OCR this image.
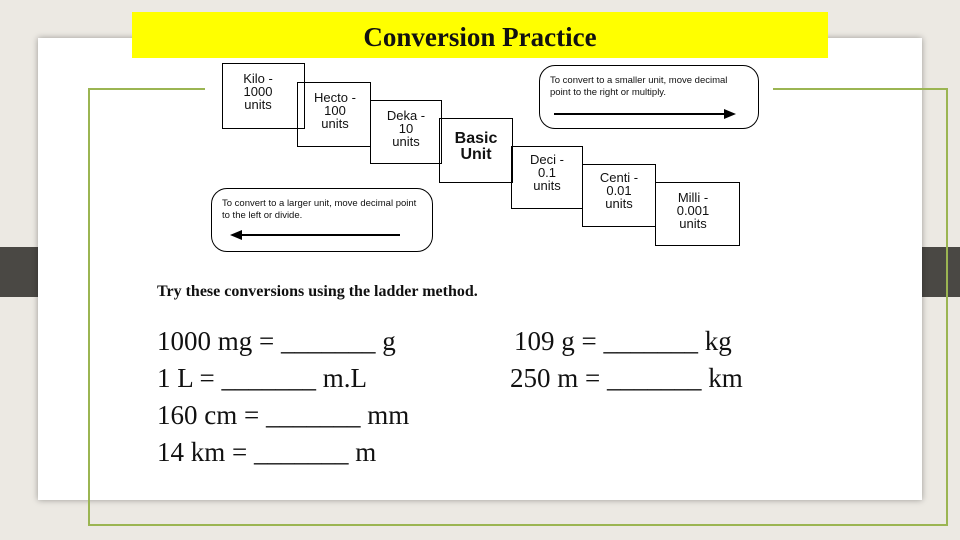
Conversion Practice
Kilo -
1000
units	Hecto -
100
units
Deka -
10
units	Basic
Unit	Deci -
0.1
units
Centi -
0.01
units	Milli -
0.001
units
To convert to a smaller unit, move decimal point to the right or multiply.
To convert to a larger unit, move decimal point to the left or divide.
Try these conversions using the ladder method.
1000 mg = _______ g
1 L = _______ m.L
160 cm = _______ mm
14 km = _______ m
109 g = _______ kg
250 m = _______ km
